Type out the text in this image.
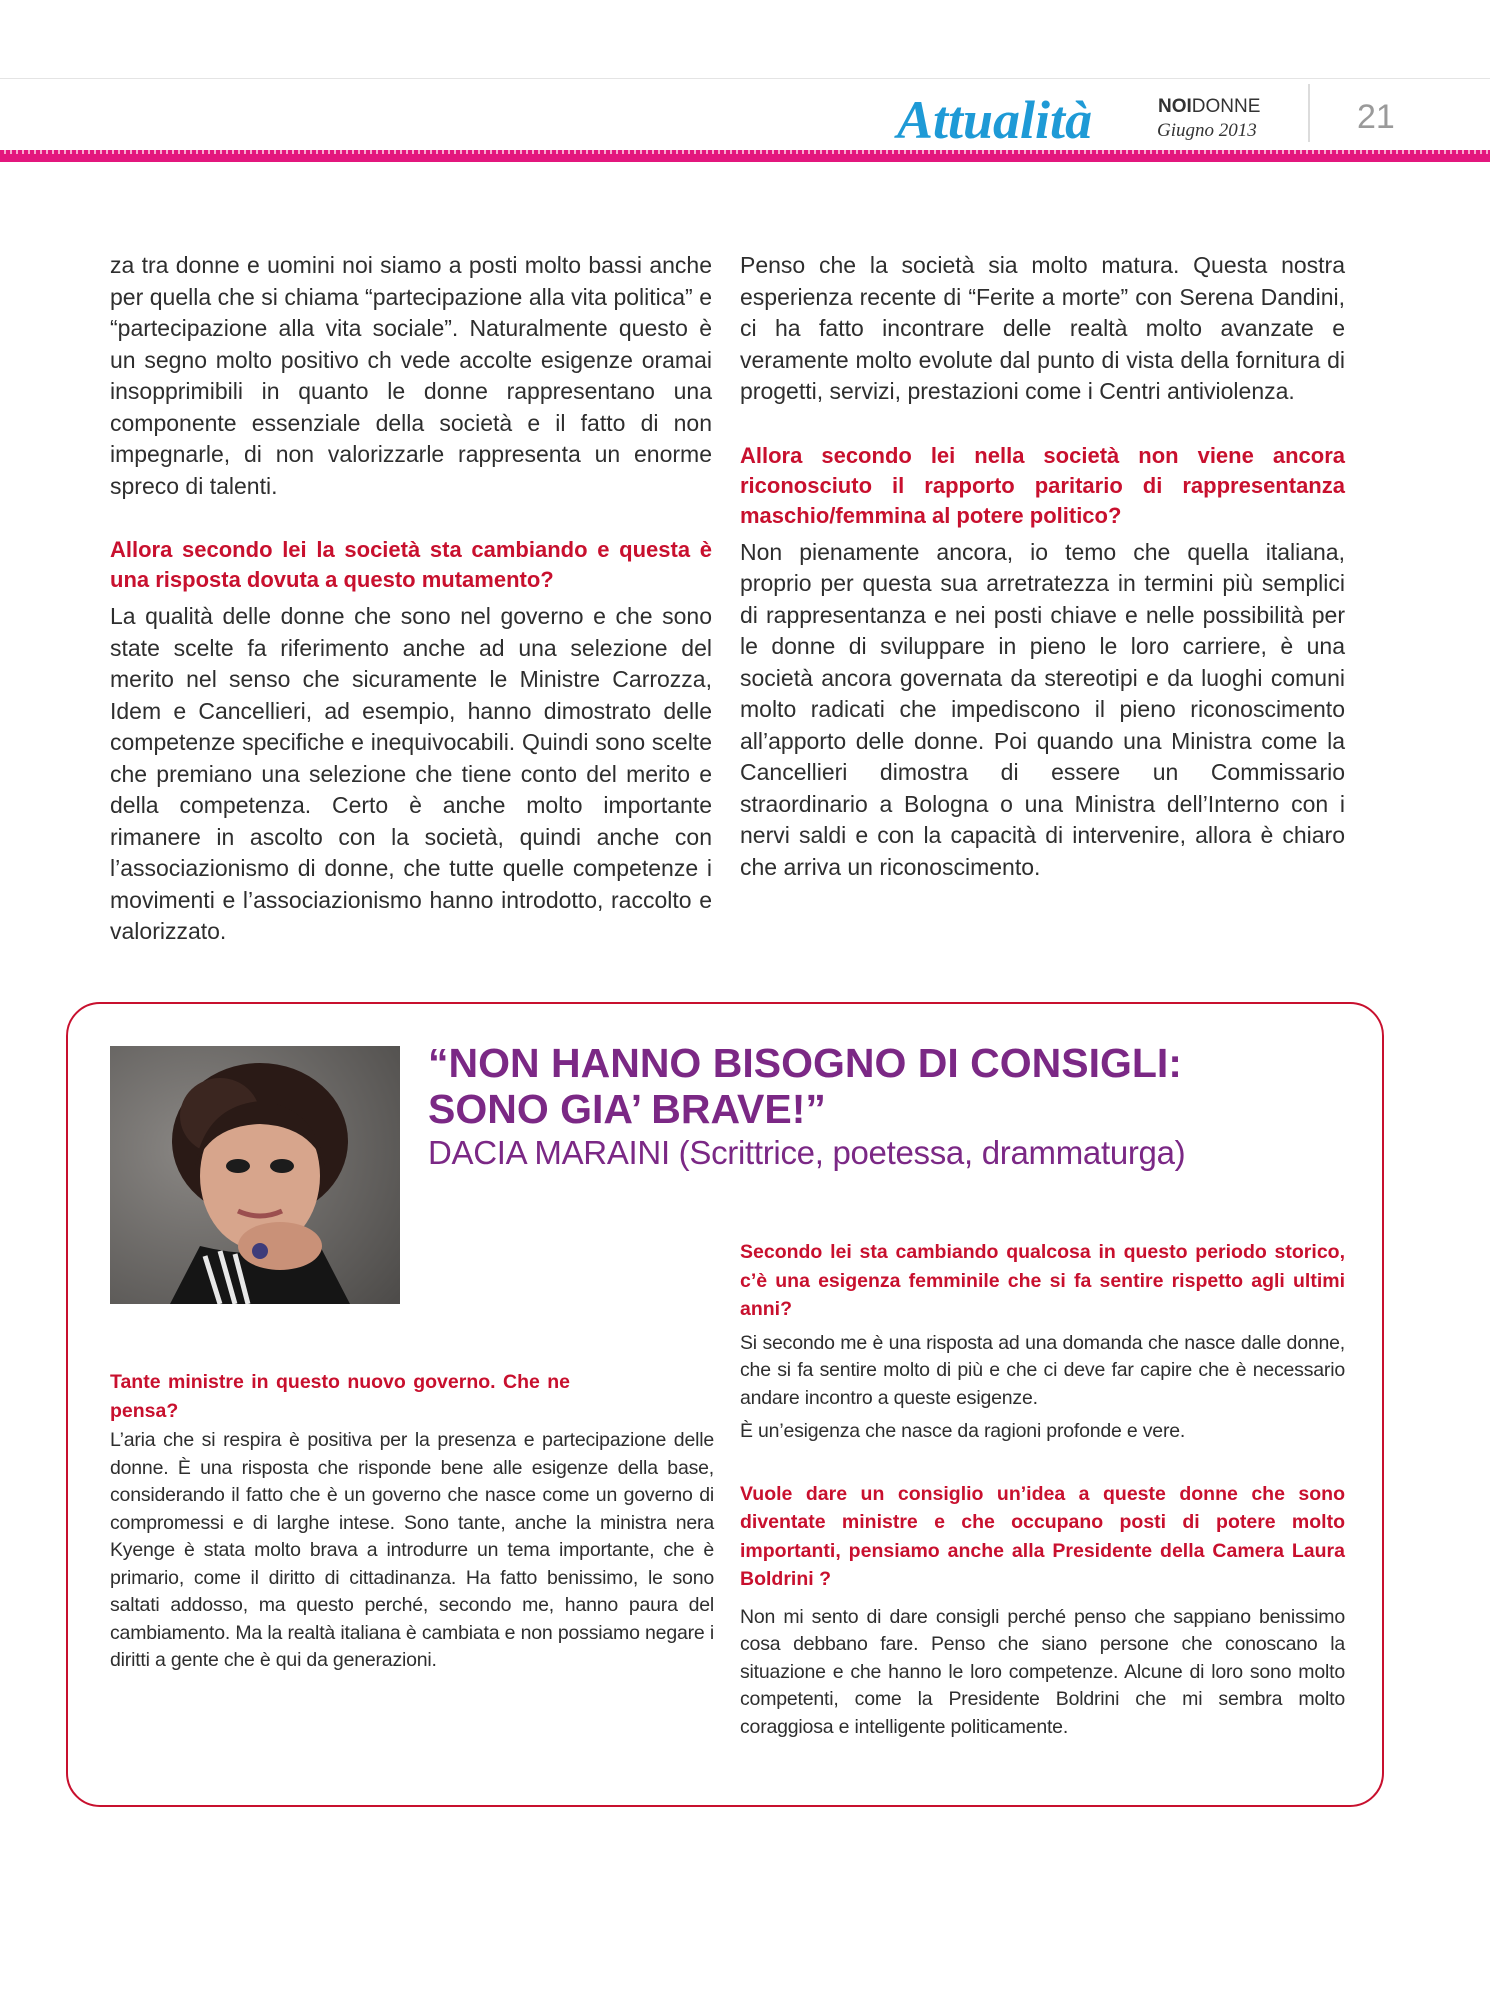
Attualità	NOIDONNE
Giugno 2013	21

za tra donne e uomini noi siamo a posti molto bassi anche per quella che si chiama “partecipazione alla vita politica” e “partecipazione alla vita sociale”. Naturalmente questo è un segno molto positivo ch vede accolte esigenze oramai insopprimibili in quanto le donne rappresentano una componente essenziale della società e il fatto di non impegnarle, di non valorizzarle rappresenta un enorme spreco di talenti.

Allora secondo lei la società sta cambiando e questa è una risposta dovuta a questo mutamento?

La qualità delle donne che sono nel governo e che sono state scelte fa riferimento anche ad una selezione del merito nel senso che sicuramente le Ministre Carrozza, Idem e Cancellieri, ad esempio, hanno dimostrato delle competenze specifiche e inequivocabili. Quindi sono scelte che premiano una selezione che tiene conto del merito e della competenza. Certo è anche molto importante rimanere in ascolto con la società, quindi anche con l’associazionismo di donne, che tutte quelle competenze i movimenti e l’associazionismo hanno introdotto, raccolto e valorizzato.

Penso che la società sia molto matura. Questa nostra esperienza recente di “Ferite a morte” con Serena Dandini, ci ha fatto incontrare delle realtà molto avanzate e veramente molto evolute dal punto di vista della fornitura di progetti, servizi, prestazioni come i Centri antiviolenza.

Allora secondo lei nella società non viene ancora riconosciuto il rapporto paritario di rappresentanza maschio/femmina al potere politico?

Non pienamente ancora, io temo che quella italiana, proprio per questa sua arretratezza in termini più semplici di rappresentanza e nei posti chiave e nelle possibilità per le donne di sviluppare in pieno le loro carriere, è una società ancora governata da stereotipi e da luoghi comuni molto radicati che impediscono il pieno riconoscimento all’apporto delle donne. Poi quando una Ministra come la Cancellieri dimostra di essere un Commissario straordinario a Bologna o una Ministra dell’Interno con i nervi saldi e con la capacità di intervenire, allora è chiaro che arriva un riconoscimento.

“NON HANNO BISOGNO DI CONSIGLI:
SONO GIA’ BRAVE!”
DACIA MARAINI (Scrittrice, poetessa, drammaturga)

Tante ministre in questo nuovo governo. Che ne pensa?

L’aria che si respira è positiva per la presenza e partecipazione delle donne. È una risposta che risponde bene alle esigenze della base, considerando il fatto che è un governo che nasce come un governo di compromessi e di larghe intese. Sono tante, anche la ministra nera Kyenge è stata molto brava a introdurre un tema importante, che è primario, come il diritto di cittadinanza. Ha fatto benissimo, le sono saltati addosso, ma questo perché, secondo me, hanno paura del cambiamento. Ma la realtà italiana è cambiata e non possiamo negare i diritti a gente che è qui da generazioni.

Secondo lei sta cambiando qualcosa in questo periodo storico, c’è una esigenza femminile che si fa sentire rispetto agli ultimi anni?

Si secondo me è una risposta ad una domanda che nasce dalle donne, che si fa sentire molto di più e che ci deve far capire che è necessario andare incontro a queste esigenze.

È un’esigenza che nasce da ragioni profonde e vere.

Vuole dare un consiglio un’idea a queste donne che sono diventate ministre e che occupano posti di potere molto importanti, pensiamo anche alla Presidente della Camera Laura Boldrini ?

Non mi sento di dare consigli perché penso che sappiano benissimo cosa debbano fare. Penso che siano persone che conoscano la situazione e che hanno le loro competenze. Alcune di loro sono molto competenti, come la Presidente Boldrini che mi sembra molto coraggiosa e intelligente politicamente.
